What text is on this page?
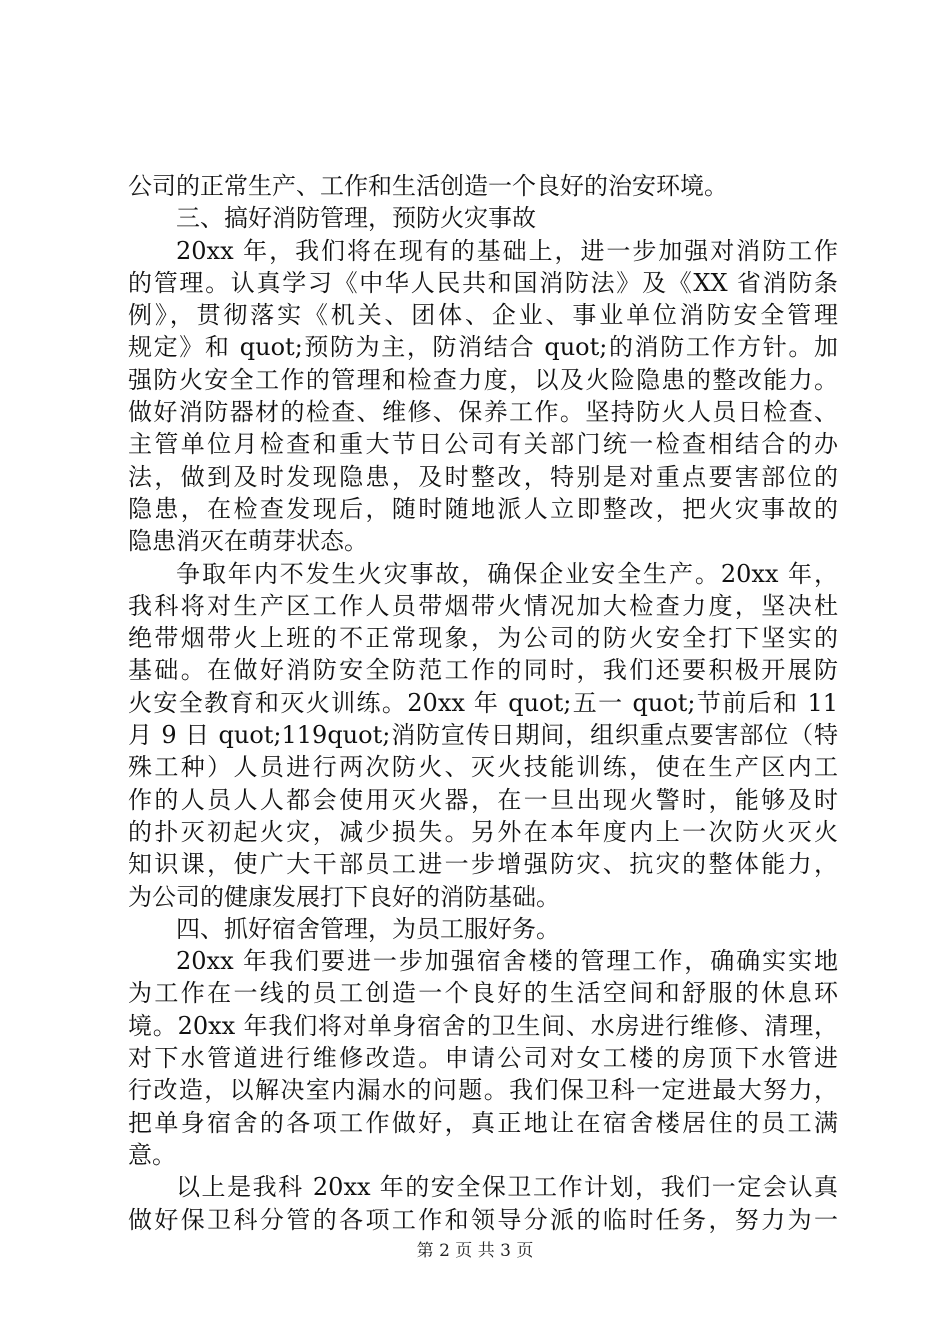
公司的正常生产、工作和生活创造一个良好的治安环境。
三、搞好消防管理，预防火灾事故
20xx 年，我们将在现有的基础上，进一步加强对消防工作
的管理。认真学习《中华人民共和国消防法》及《XX 省消防条
例》，贯彻落实《机关、团体、企业、事业单位消防安全管理
规定》和 quot;预防为主，防消结合 quot;的消防工作方针。加
强防火安全工作的管理和检查力度，以及火险隐患的整改能力。
做好消防器材的检查、维修、保养工作。坚持防火人员日检查、
主管单位月检查和重大节日公司有关部门统一检查相结合的办
法，做到及时发现隐患，及时整改，特别是对重点要害部位的
隐患，在检查发现后，随时随地派人立即整改，把火灾事故的
隐患消灭在萌芽状态。
争取年内不发生火灾事故，确保企业安全生产。20xx 年，
我科将对生产区工作人员带烟带火情况加大检查力度，坚决杜
绝带烟带火上班的不正常现象，为公司的防火安全打下坚实的
基础。在做好消防安全防范工作的同时，我们还要积极开展防
火安全教育和灭火训练。20xx 年 quot;五一 quot;节前后和 11
月 9 日 quot;119quot;消防宣传日期间，组织重点要害部位（特
殊工种）人员进行两次防火、灭火技能训练，使在生产区内工
作的人员人人都会使用灭火器，在一旦出现火警时，能够及时
的扑灭初起火灾，减少损失。另外在本年度内上一次防火灭火
知识课，使广大干部员工进一步增强防灾、抗灾的整体能力，
为公司的健康发展打下良好的消防基础。
四、抓好宿舍管理，为员工服好务。
20xx 年我们要进一步加强宿舍楼的管理工作，确确实实地
为工作在一线的员工创造一个良好的生活空间和舒服的休息环
境。20xx 年我们将对单身宿舍的卫生间、水房进行维修、清理，
对下水管道进行维修改造。申请公司对女工楼的房顶下水管进
行改造，以解决室内漏水的问题。我们保卫科一定进最大努力，
把单身宿舍的各项工作做好，真正地让在宿舍楼居住的员工满
意。
以上是我科 20xx 年的安全保卫工作计划，我们一定会认真
做好保卫科分管的各项工作和领导分派的临时任务，努力为一
第 2 页 共 3 页
